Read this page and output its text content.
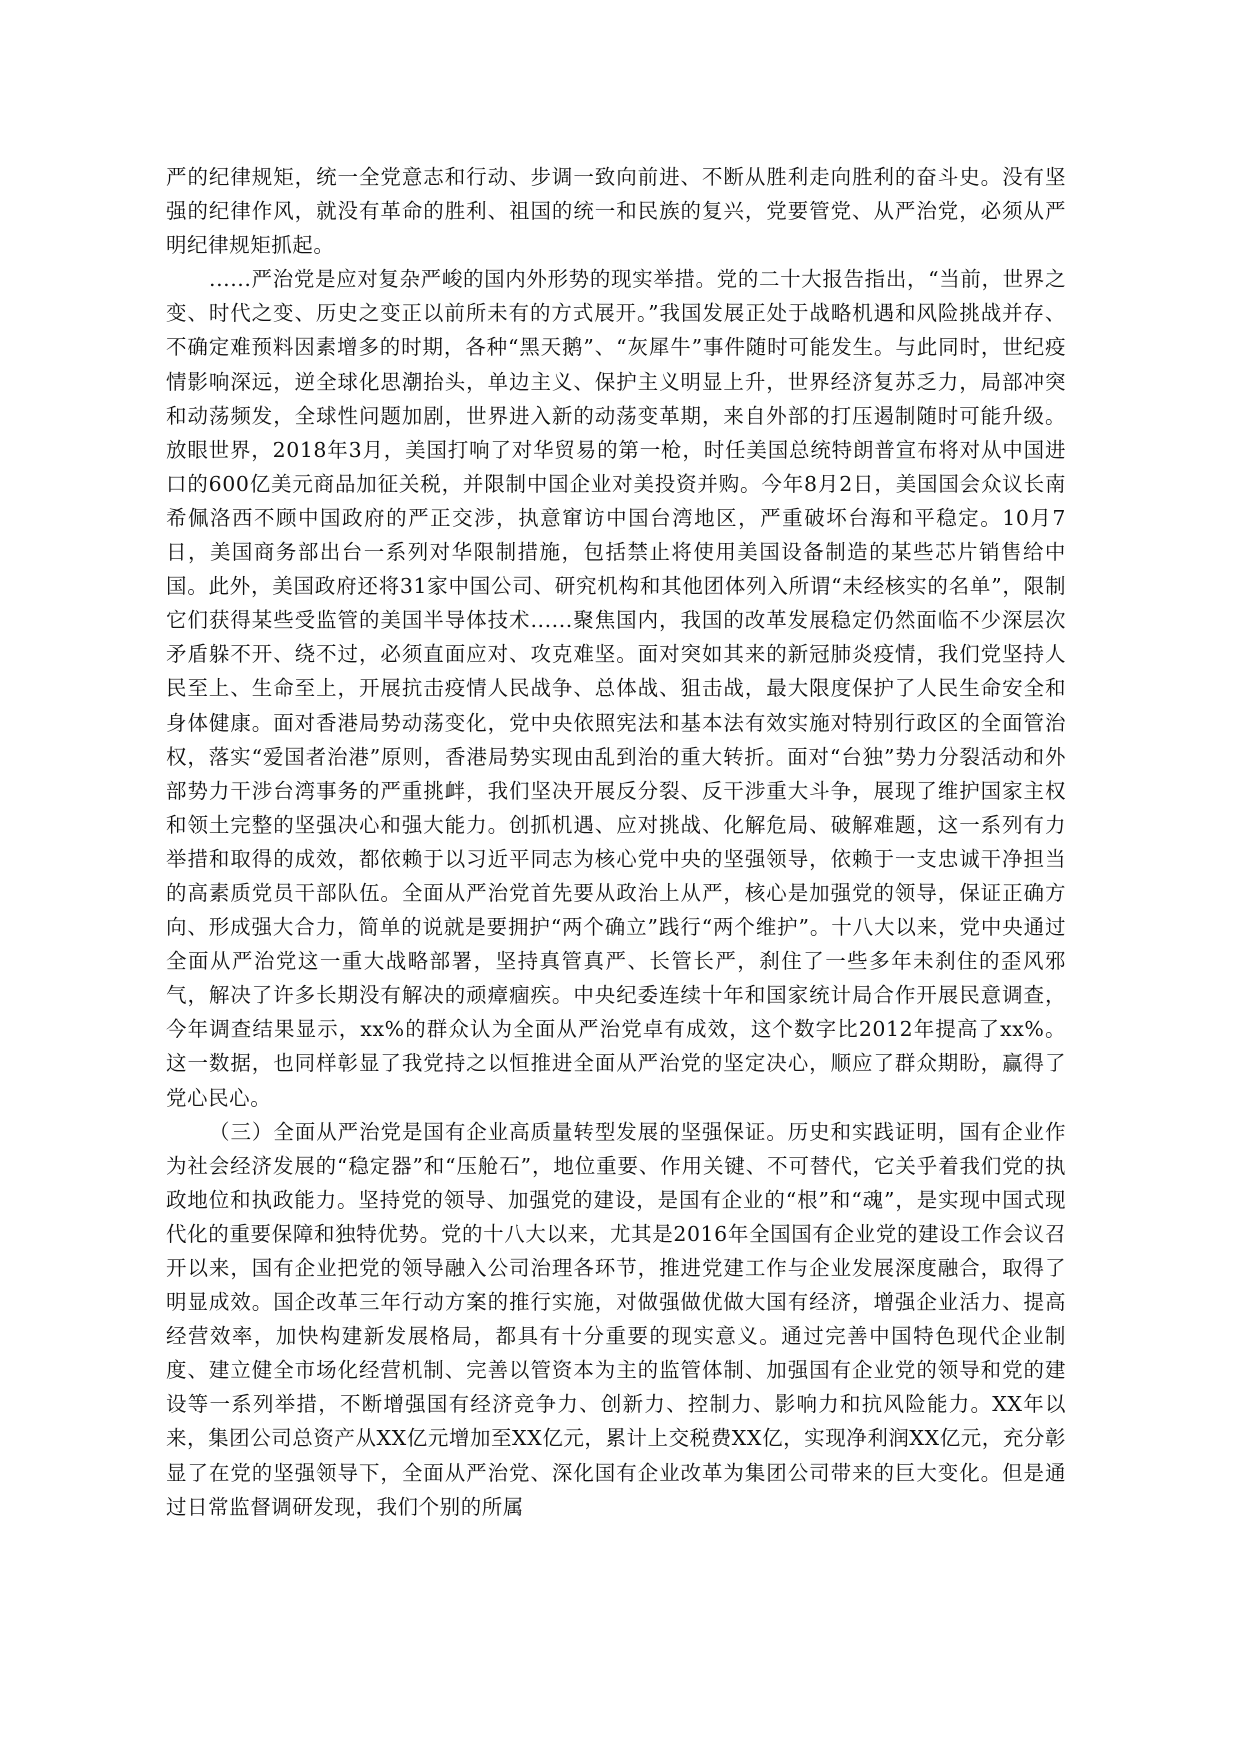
严的纪律规矩，统一全党意志和行动、步调一致向前进、不断从胜利走向胜利的奋斗史。没有坚强的纪律作风，就没有革命的胜利、祖国的统一和民族的复兴，党要管党、从严治党，必须从严明纪律规矩抓起。

......严治党是应对复杂严峻的国内外形势的现实举措。党的二十大报告指出，“当前，世界之变、时代之变、历史之变正以前所未有的方式展开。”我国发展正处于战略机遇和风险挑战并存、不确定难预料因素增多的时期，各种“黑天鹅”、“灰犀牛”事件随时可能发生。与此同时，世纪疫情影响深远，逆全球化思潮抬头，单边主义、保护主义明显上升，世界经济复苏乏力，局部冲突和动荡频发，全球性问题加剧，世界进入新的动荡变革期，来自外部的打压遏制随时可能升级。放眼世界，2018年3月，美国打响了对华贸易的第一枪，时任美国总统特朗普宣布将对从中国进口的600亿美元商品加征关税，并限制中国企业对美投资并购。今年8月2日，美国国会众议长南希佩洛西不顾中国政府的严正交涉，执意窜访中国台湾地区，严重破坏台海和平稳定。10月7日，美国商务部出台一系列对华限制措施，包括禁止将使用美国设备制造的某些芯片销售给中国。此外，美国政府还将31家中国公司、研究机构和其他团体列入所谓“未经核实的名单”，限制它们获得某些受监管的美国半导体技术......聚焦国内，我国的改革发展稳定仍然面临不少深层次矛盾躲不开、绕不过，必须直面应对、攻克难坚。面对突如其来的新冠肺炎疫情，我们党坚持人民至上、生命至上，开展抗击疫情人民战争、总体战、狙击战，最大限度保护了人民生命安全和身体健康。面对香港局势动荡变化，党中央依照宪法和基本法有效实施对特别行政区的全面管治权，落实“爱国者治港”原则，香港局势实现由乱到治的重大转折。面对“台独”势力分裂活动和外部势力干涉台湾事务的严重挑衅，我们坚决开展反分裂、反干涉重大斗争，展现了维护国家主权和领土完整的坚强决心和强大能力。创抓机遇、应对挑战、化解危局、破解难题，这一系列有力举措和取得的成效，都依赖于以习近平同志为核心党中央的坚强领导，依赖于一支忠诚干净担当的高素质党员干部队伍。全面从严治党首先要从政治上从严，核心是加强党的领导，保证正确方向、形成强大合力，简单的说就是要拥护“两个确立”践行“两个维护”。十八大以来，党中央通过全面从严治党这一重大战略部署，坚持真管真严、长管长严，刹住了一些多年未刹住的歪风邪气，解决了许多长期没有解决的顽瘴痼疾。中央纪委连续十年和国家统计局合作开展民意调查，今年调查结果显示，xx%的群众认为全面从严治党卓有成效，这个数字比2012年提高了xx%。这一数据，也同样彰显了我党持之以恒推进全面从严治党的坚定决心，顺应了群众期盼，赢得了党心民心。

（三）全面从严治党是国有企业高质量转型发展的坚强保证。历史和实践证明，国有企业作为社会经济发展的“稳定器”和“压舱石”，地位重要、作用关键、不可替代，它关乎着我们党的执政地位和执政能力。坚持党的领导、加强党的建设，是国有企业的“根”和“魂”，是实现中国式现代化的重要保障和独特优势。党的十八大以来，尤其是2016年全国国有企业党的建设工作会议召开以来，国有企业把党的领导融入公司治理各环节，推进党建工作与企业发展深度融合，取得了明显成效。国企改革三年行动方案的推行实施，对做强做优做大国有经济，增强企业活力、提高经营效率，加快构建新发展格局，都具有十分重要的现实意义。通过完善中国特色现代企业制度、建立健全市场化经营机制、完善以管资本为主的监管体制、加强国有企业党的领导和党的建设等一系列举措，不断增强国有经济竞争力、创新力、控制力、影响力和抗风险能力。XX年以来，集团公司总资产从XX亿元增加至XX亿元，累计上交税费XX亿，实现净利润XX亿元，充分彰显了在党的坚强领导下，全面从严治党、深化国有企业改革为集团公司带来的巨大变化。但是通过日常监督调研发现，我们个别的所属
